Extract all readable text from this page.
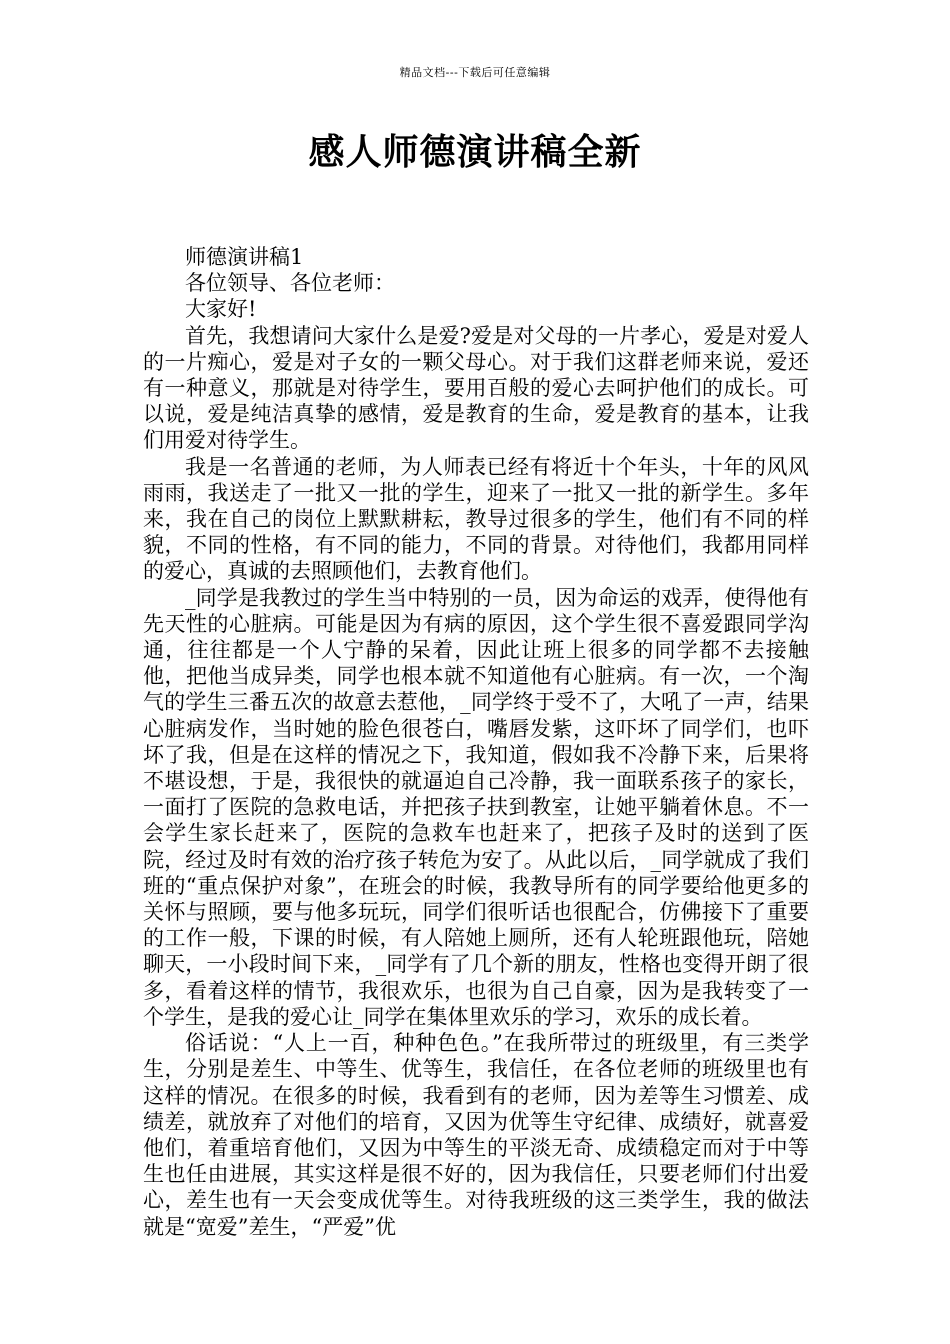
精品文档---下载后可任意编辑
感人师德演讲稿全新

师德演讲稿1

各位领导、各位老师：

大家好!

首先，我想请问大家什么是爱?爱是对父母的一片孝心，爱是对爱人的一片痴心，爱是对子女的一颗父母心。对于我们这群老师来说，爱还有一种意义，那就是对待学生，要用百般的爱心去呵护他们的成长。可以说，爱是纯洁真挚的感情，爱是教育的生命，爱是教育的基本，让我们用爱对待学生。

我是一名普通的老师，为人师表已经有将近十个年头，十年的风风雨雨，我送走了一批又一批的学生，迎来了一批又一批的新学生。多年来，我在自己的岗位上默默耕耘，教导过很多的学生，他们有不同的样貌，不同的性格，有不同的能力，不同的背景。对待他们，我都用同样的爱心，真诚的去照顾他们，去教育他们。

_同学是我教过的学生当中特别的一员，因为命运的戏弄，使得他有先天性的心脏病。可能是因为有病的原因，这个学生很不喜爱跟同学沟通，往往都是一个人宁静的呆着，因此让班上很多的同学都不去接触他，把他当成异类，同学也根本就不知道他有心脏病。有一次，一个淘气的学生三番五次的故意去惹他，_同学终于受不了，大吼了一声，结果心脏病发作，当时她的脸色很苍白，嘴唇发紫，这吓坏了同学们，也吓坏了我，但是在这样的情况之下，我知道，假如我不冷静下来，后果将不堪设想，于是，我很快的就逼迫自己冷静，我一面联系孩子的家长，一面打了医院的急救电话，并把孩子扶到教室，让她平躺着休息。不一会学生家长赶来了，医院的急救车也赶来了，把孩子及时的送到了医院，经过及时有效的治疗孩子转危为安了。从此以后，_同学就成了我们班的“重点保护对象”，在班会的时候，我教导所有的同学要给他更多的关怀与照顾，要与他多玩玩，同学们很听话也很配合，仿佛接下了重要的工作一般，下课的时候，有人陪她上厕所，还有人轮班跟他玩，陪她聊天，一小段时间下来，_同学有了几个新的朋友，性格也变得开朗了很多，看着这样的情节，我很欢乐，也很为自己自豪，因为是我转变了一个学生，是我的爱心让_同学在集体里欢乐的学习，欢乐的成长着。

俗话说：“人上一百，种种色色。”在我所带过的班级里，有三类学生，分别是差生、中等生、优等生，我信任，在各位老师的班级里也有这样的情况。在很多的时候，我看到有的老师，因为差等生习惯差、成绩差，就放弃了对他们的培育，又因为优等生守纪律、成绩好，就喜爱他们，着重培育他们，又因为中等生的平淡无奇、成绩稳定而对于中等生也任由进展，其实这样是很不好的，因为我信任，只要老师们付出爱心，差生也有一天会变成优等生。对待我班级的这三类学生，我的做法就是“宽爱”差生，“严爱”优
